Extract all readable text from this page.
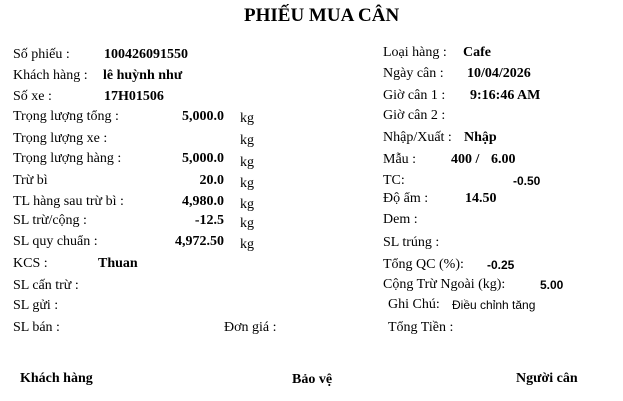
PHIẾU MUA CÂN
Số phiếu : 100426091550
Khách hàng : lê huỳnh như
Số xe :	17H01506
Trọng lượng tổng :	5,000.0 kg
Trọng lượng xe :	kg
Trọng lượng hàng :	5,000.0 kg
Trừ bì	20.0 kg
TL hàng sau trừ bì :	4,980.0 kg
SL trừ/cộng :	-12.5 kg
SL quy chuẩn :	4,972.50 kg
KCS :	Thuan
SL cấn trừ :
SL gửi :
SL bán :	Đơn giá :
Loại hàng : Cafe
Ngày cân : 10/04/2026
Giờ cân 1 : 9:16:46 AM
Giờ cân 2 :
Nhập/Xuất : Nhập
Mẫu : 400 / 6.00
TC:	-0.50
Độ ẩm :	14.50
Dem :
SL trúng :
Tổng QC (%): -0.25
Cộng Trừ Ngoài (kg):	5.00
Ghi Chú: Điều chỉnh tăng
Tổng Tiền :
Khách hàng	Bảo vệ	Người cân
